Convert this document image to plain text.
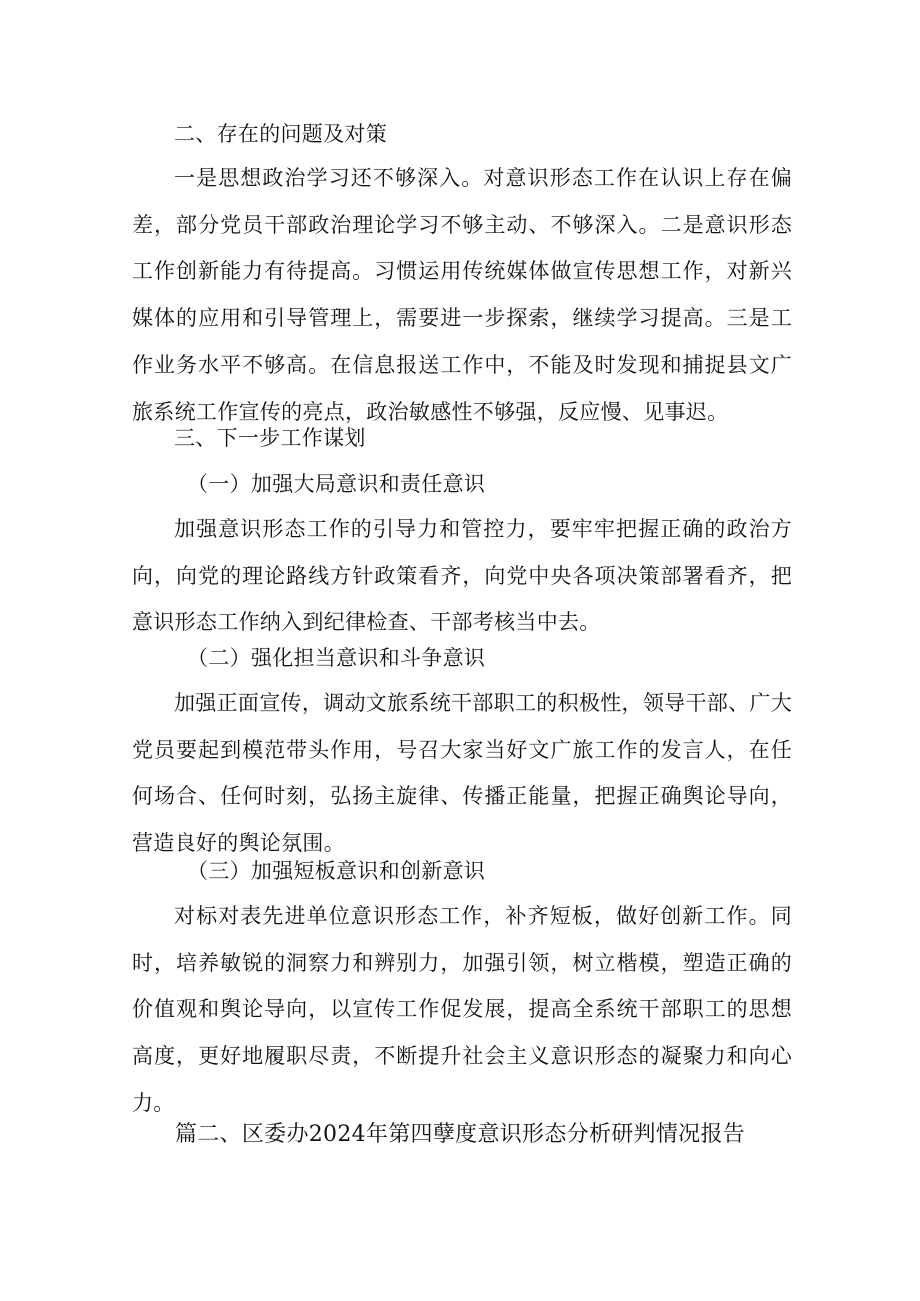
二、存在的问题及对策
一是思想政治学习还不够深入。对意识形态工作在认识上存在偏差，部分党员干部政治理论学习不够主动、不够深入。二是意识形态工作创新能力有待提高。习惯运用传统媒体做宣传思想工作，对新兴媒体的应用和引导管理上，需要进一步探索，继续学习提高。三是工作业务水平不够高。在信息报送工作中，不能及时发现和捕捉县文广旅系统工作宣传的亮点，政治敏感性不够强，反应慢、见事迟。
三、下一步工作谋划
（一）加强大局意识和责任意识
加强意识形态工作的引导力和管控力，要牢牢把握正确的政治方向，向党的理论路线方针政策看齐，向党中央各项决策部署看齐，把意识形态工作纳入到纪律检查、干部考核当中去。
（二）强化担当意识和斗争意识
加强正面宣传，调动文旅系统干部职工的积极性，领导干部、广大党员要起到模范带头作用，号召大家当好文广旅工作的发言人，在任何场合、任何时刻，弘扬主旋律、传播正能量，把握正确舆论导向，营造良好的舆论氛围。
（三）加强短板意识和创新意识
对标对表先进单位意识形态工作，补齐短板，做好创新工作。同时，培养敏锐的洞察力和辨别力，加强引领，树立楷模，塑造正确的价值观和舆论导向，以宣传工作促发展，提高全系统干部职工的思想高度，更好地履职尽责，不断提升社会主义意识形态的凝聚力和向心力。
篇二、区委办2024年第四孽度意识形态分析研判情况报告
